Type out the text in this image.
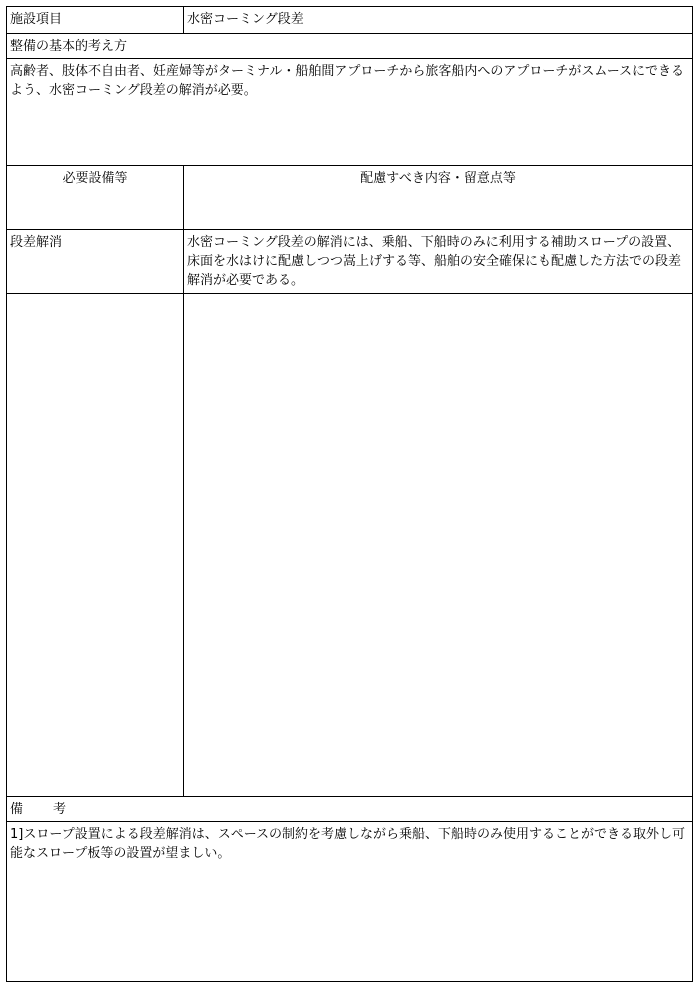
施設項目	水密コーミング段差
整備の基本的考え方
高齢者、肢体不自由者、妊産婦等がターミナル・船舶間アプローチから旅客船内へのアプローチがスムースにできるよう、水密コーミング段差の解消が必要。
必要設備等	配慮すべき内容・留意点等
段差解消	水密コーミング段差の解消には、乗船、下船時のみに利用する補助スロープの設置、床面を水はけに配慮しつつ嵩上げする等、船舶の安全確保にも配慮した方法での段差解消が必要である。
備 考
1]スロープ設置による段差解消は、スペースの制約を考慮しながら乗船、下船時のみ使用することができる取外し可能なスロープ板等の設置が望ましい。
